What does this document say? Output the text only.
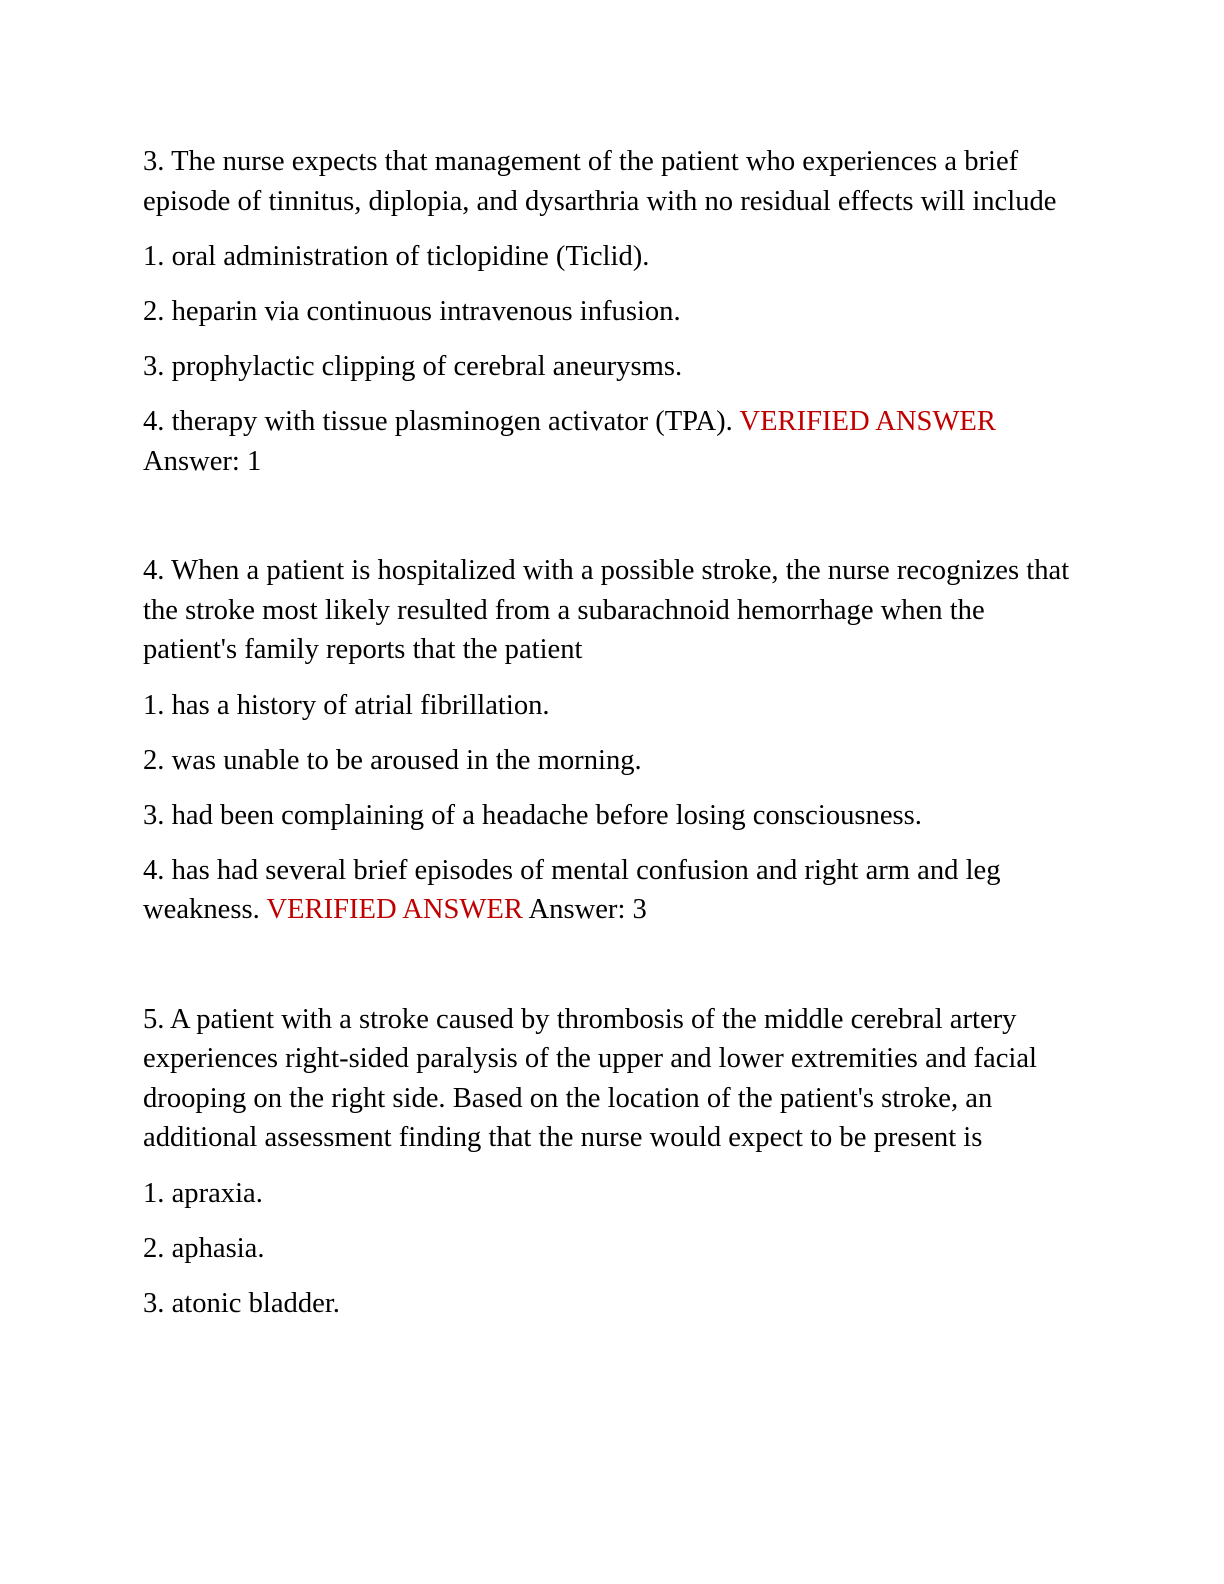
3. The nurse expects that management of the patient who experiences a brief episode of tinnitus, diplopia, and dysarthria with no residual effects will include

1. oral administration of ticlopidine (Ticlid).

2. heparin via continuous intravenous infusion.

3. prophylactic clipping of cerebral aneurysms.

4. therapy with tissue plasminogen activator (TPA). VERIFIED ANSWER Answer: 1

4. When a patient is hospitalized with a possible stroke, the nurse recognizes that the stroke most likely resulted from a subarachnoid hemorrhage when the patient's family reports that the patient

1. has a history of atrial fibrillation.

2. was unable to be aroused in the morning.

3. had been complaining of a headache before losing consciousness.

4. has had several brief episodes of mental confusion and right arm and leg weakness. VERIFIED ANSWER Answer: 3

5. A patient with a stroke caused by thrombosis of the middle cerebral artery experiences right-sided paralysis of the upper and lower extremities and facial drooping on the right side. Based on the location of the patient's stroke, an additional assessment finding that the nurse would expect to be present is

1. apraxia.

2. aphasia.

3. atonic bladder.
